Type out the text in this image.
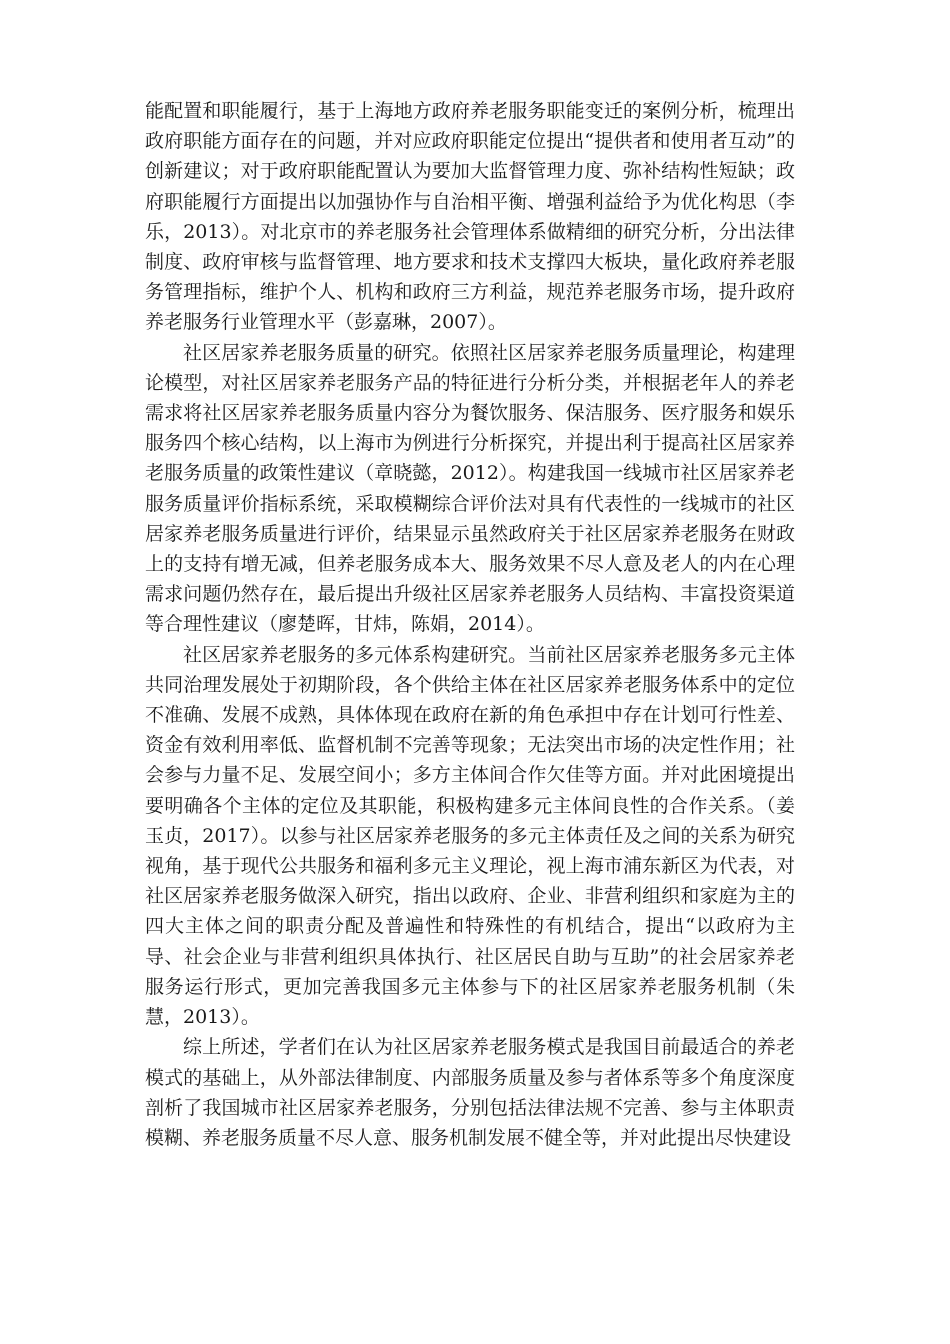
能配置和职能履行，基于上海地方政府养老服务职能变迁的案例分析，梳理出政府职能方面存在的问题，并对应政府职能定位提出“提供者和使用者互动”的创新建议；对于政府职能配置认为要加大监督管理力度、弥补结构性短缺；政府职能履行方面提出以加强协作与自治相平衡、增强利益给予为优化构思（李乐，2013）。对北京市的养老服务社会管理体系做精细的研究分析，分出法律制度、政府审核与监督管理、地方要求和技术支撑四大板块，量化政府养老服务管理指标，维护个人、机构和政府三方利益，规范养老服务市场，提升政府养老服务行业管理水平（彭嘉琳，2007）。

社区居家养老服务质量的研究。依照社区居家养老服务质量理论，构建理论模型，对社区居家养老服务产品的特征进行分析分类，并根据老年人的养老需求将社区居家养老服务质量内容分为餐饮服务、保洁服务、医疗服务和娱乐服务四个核心结构，以上海市为例进行分析探究，并提出利于提高社区居家养老服务质量的政策性建议（章晓懿，2012）。构建我国一线城市社区居家养老服务质量评价指标系统，采取模糊综合评价法对具有代表性的一线城市的社区居家养老服务质量进行评价，结果显示虽然政府关于社区居家养老服务在财政上的支持有增无减，但养老服务成本大、服务效果不尽人意及老人的内在心理需求问题仍然存在，最后提出升级社区居家养老服务人员结构、丰富投资渠道等合理性建议（廖楚晖，甘炜，陈娟，2014）。

社区居家养老服务的多元体系构建研究。当前社区居家养老服务多元主体共同治理发展处于初期阶段，各个供给主体在社区居家养老服务体系中的定位不准确、发展不成熟，具体体现在政府在新的角色承担中存在计划可行性差、资金有效利用率低、监督机制不完善等现象；无法突出市场的决定性作用；社会参与力量不足、发展空间小；多方主体间合作欠佳等方面。并对此困境提出要明确各个主体的定位及其职能，积极构建多元主体间良性的合作关系。（姜玉贞，2017）。以参与社区居家养老服务的多元主体责任及之间的关系为研究视角，基于现代公共服务和福利多元主义理论，视上海市浦东新区为代表，对社区居家养老服务做深入研究，指出以政府、企业、非营利组织和家庭为主的四大主体之间的职责分配及普遍性和特殊性的有机结合，提出“以政府为主导、社会企业与非营利组织具体执行、社区居民自助与互助”的社会居家养老服务运行形式，更加完善我国多元主体参与下的社区居家养老服务机制（朱慧，2013）。

综上所述，学者们在认为社区居家养老服务模式是我国目前最适合的养老模式的基础上，从外部法律制度、内部服务质量及参与者体系等多个角度深度剖析了我国城市社区居家养老服务，分别包括法律法规不完善、参与主体职责模糊、养老服务质量不尽人意、服务机制发展不健全等，并对此提出尽快建设
